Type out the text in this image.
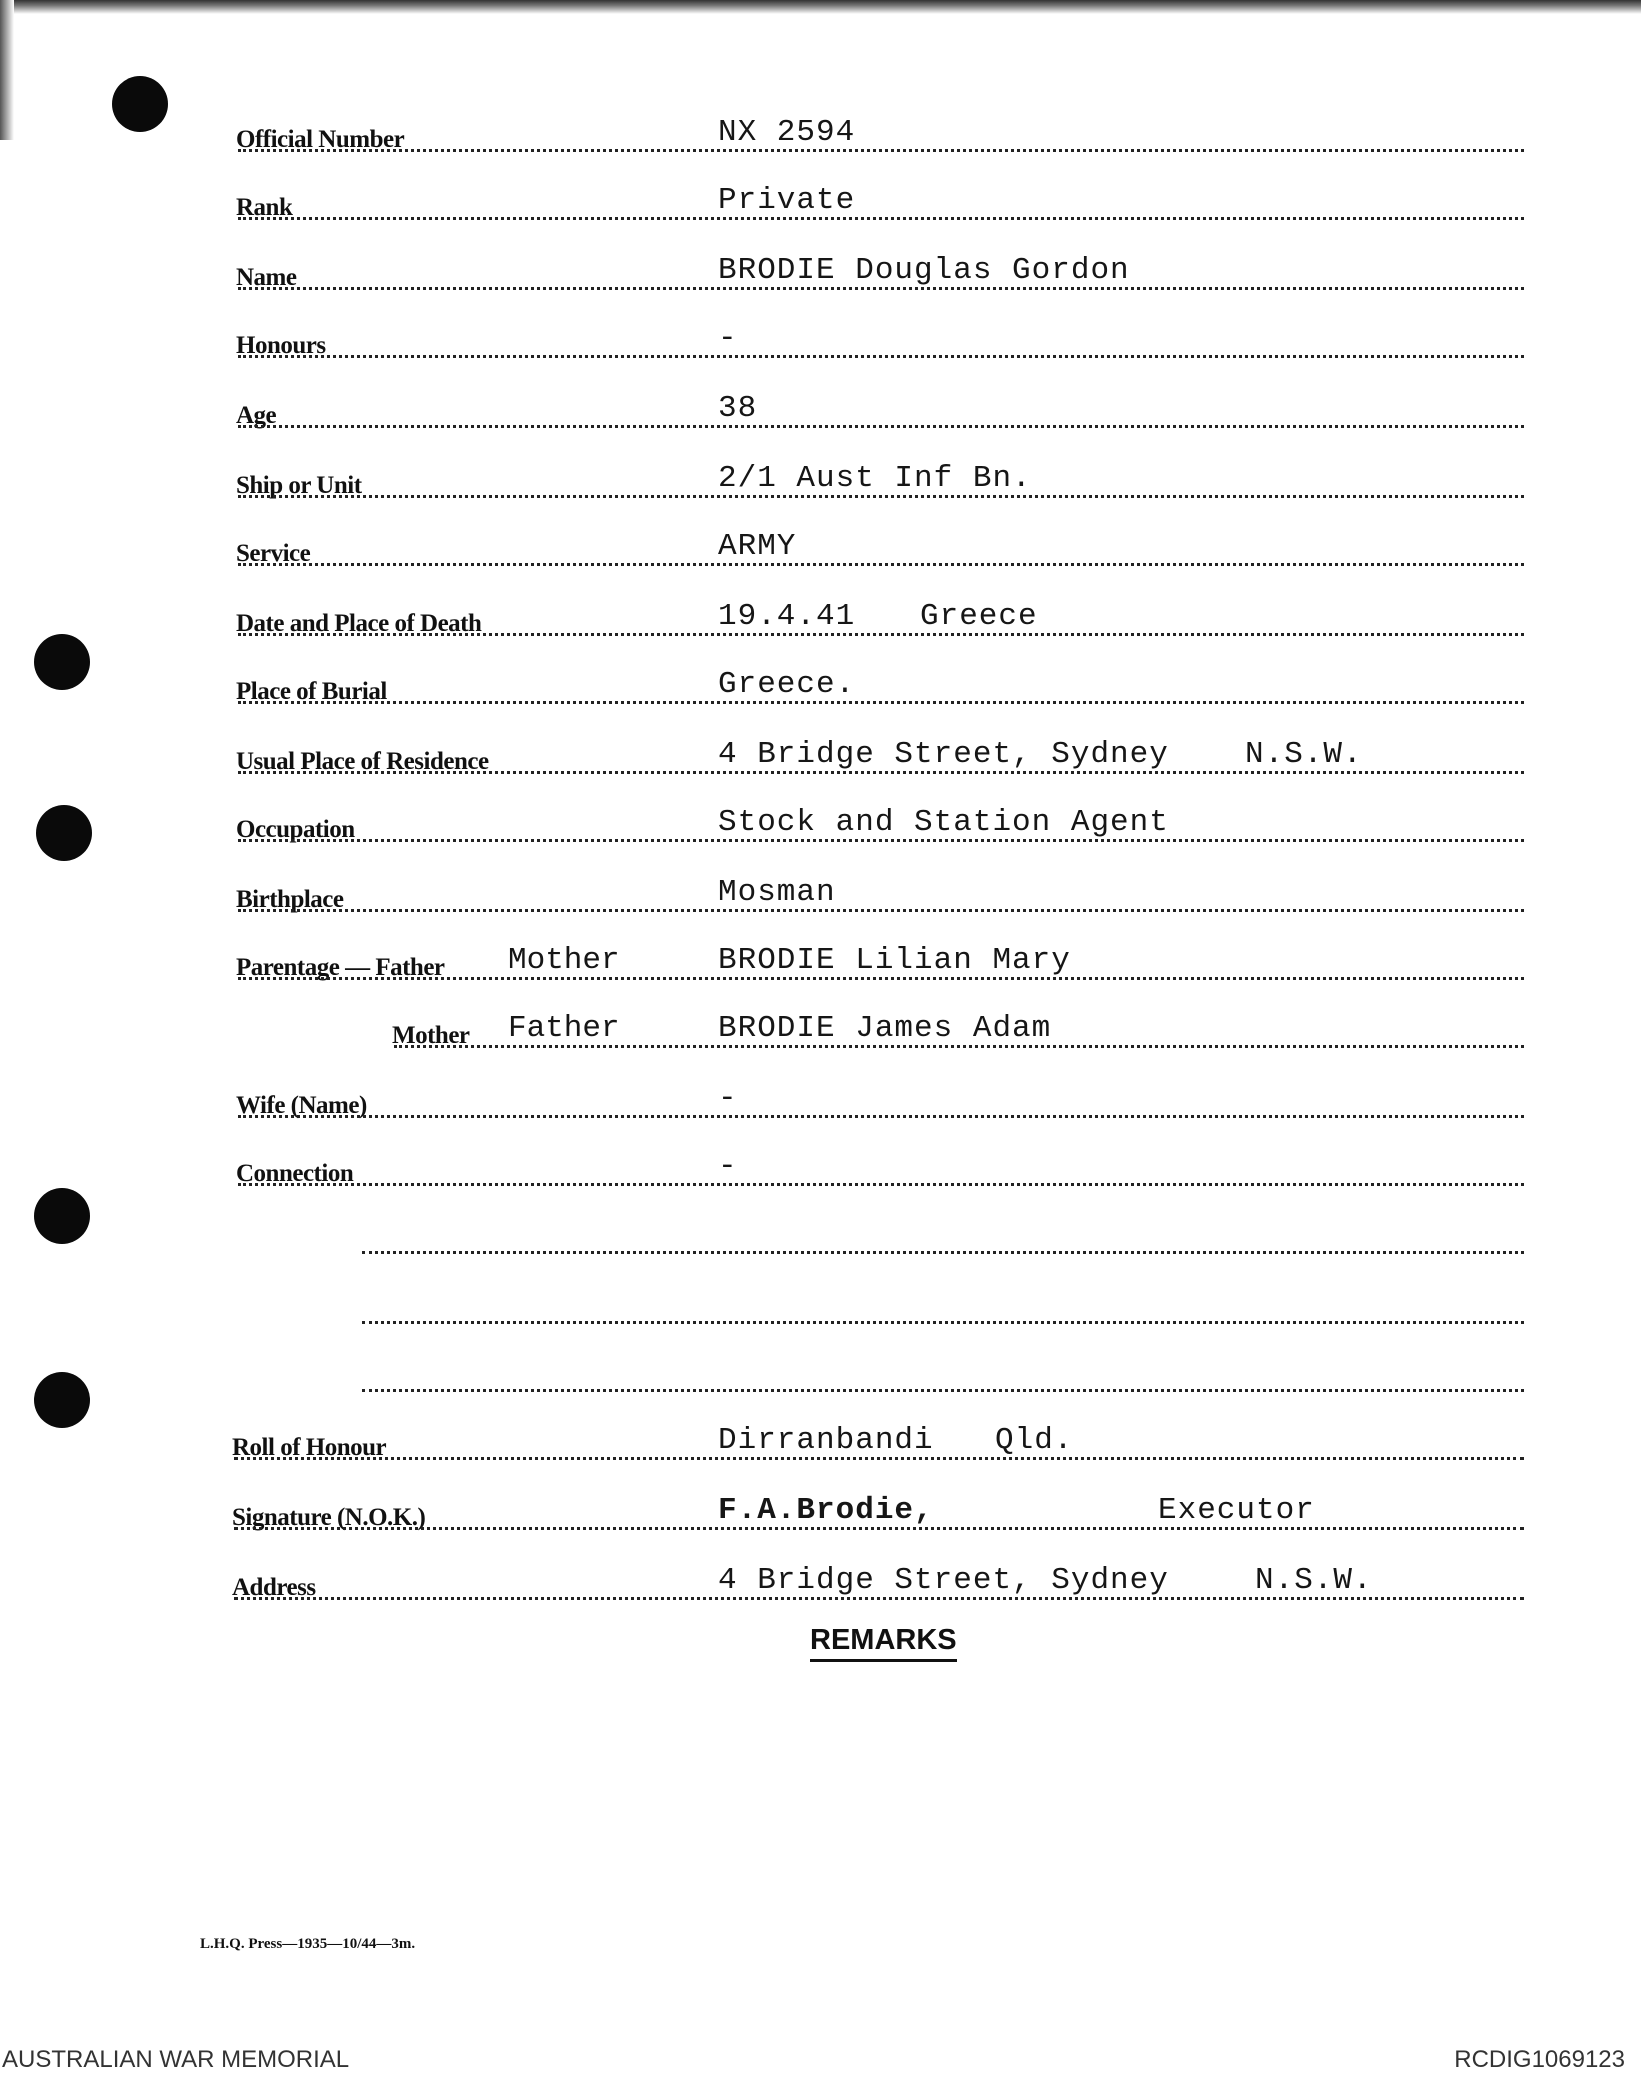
Official Number	NX 2594
Rank	Private
Name	BRODIE Douglas Gordon
Honours	-
Age	38
Ship or Unit	2/1 Aust Inf Bn.
Service	ARMY
Date and Place of Death	19.4.41 Greece
Place of Burial	Greece.
Usual Place of Residence	4 Bridge Street, Sydney N.S.W.
Occupation	Stock and Station Agent
Birthplace	Mosman
Parentage — Father Mother	BRODIE Lilian Mary
Mother Father	BRODIE James Adam
Wife (Name)	-
Connection	-
Roll of Honour	Dirranbandi Qld.
Signature (N.O.K.)	F.A.Brodie,	Executor
Address	4 Bridge Street, Sydney	N.S.W.
REMARKS
L.H.Q. Press—1935—10/44—3m.
AUSTRALIAN WAR MEMORIAL	RCDIG1069123
